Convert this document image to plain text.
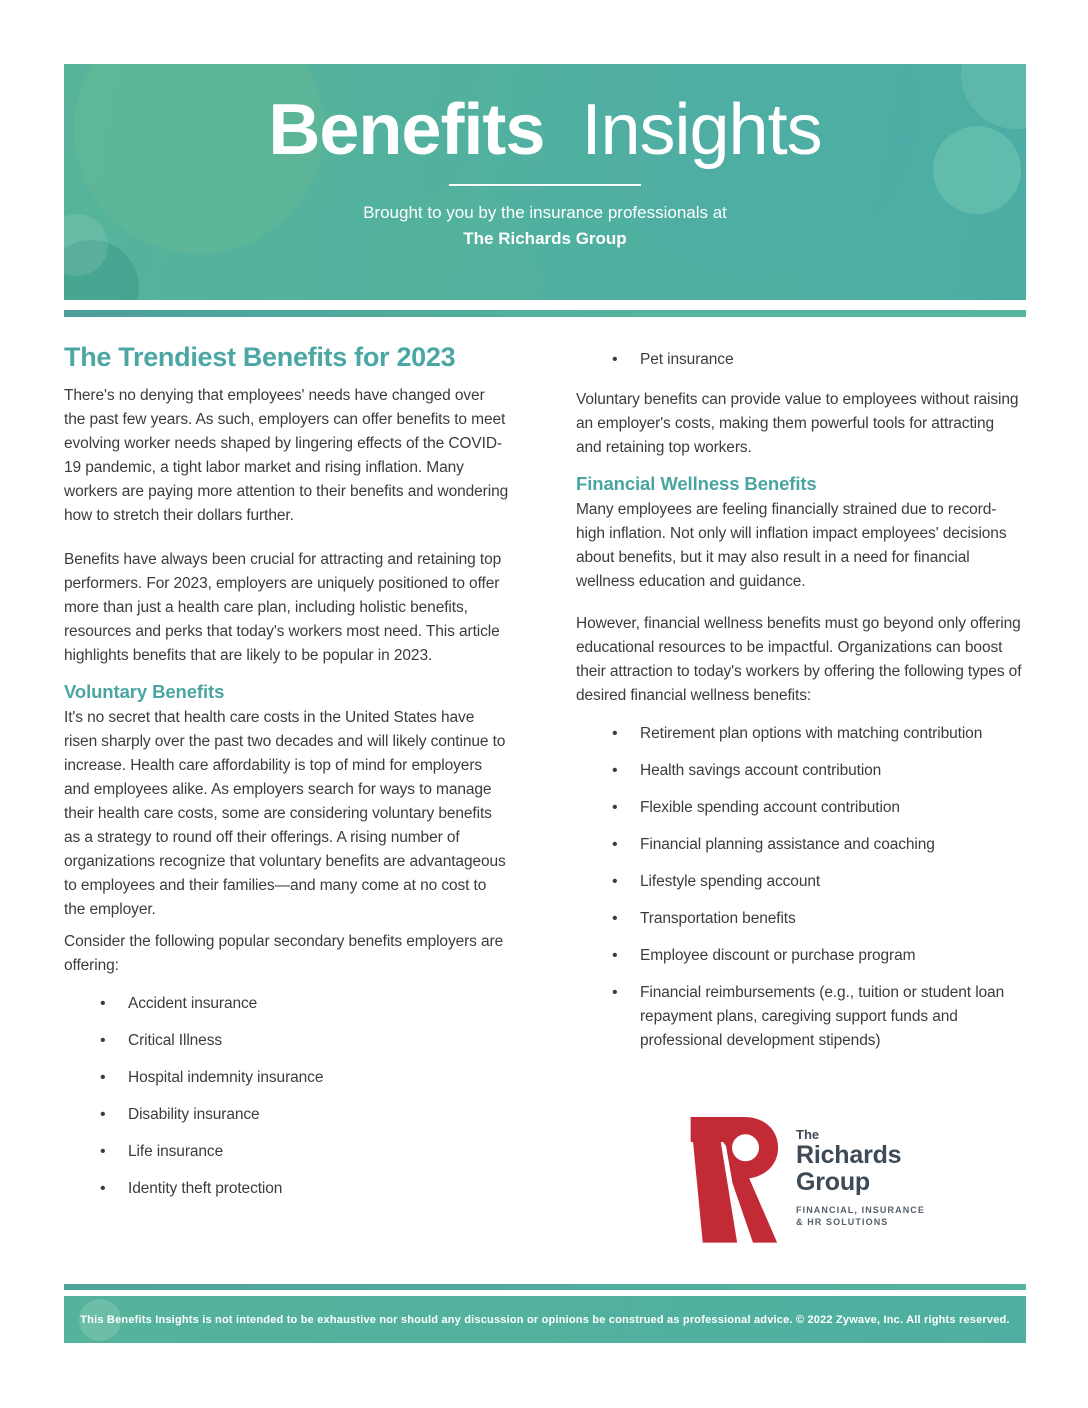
Benefits Insights
Brought to you by the insurance professionals at
The Richards Group
The Trendiest Benefits for 2023

There's no denying that employees' needs have changed over the past few years. As such, employers can offer benefits to meet evolving worker needs shaped by lingering effects of the COVID-19 pandemic, a tight labor market and rising inflation. Many workers are paying more attention to their benefits and wondering how to stretch their dollars further.

Benefits have always been crucial for attracting and retaining top performers. For 2023, employers are uniquely positioned to offer more than just a health care plan, including holistic benefits, resources and perks that today's workers most need. This article highlights benefits that are likely to be popular in 2023.

Voluntary Benefits

It's no secret that health care costs in the United States have risen sharply over the past two decades and will likely continue to increase. Health care affordability is top of mind for employers and employees alike. As employers search for ways to manage their health care costs, some are considering voluntary benefits as a strategy to round off their offerings. A rising number of organizations recognize that voluntary benefits are advantageous to employees and their families—and many come at no cost to the employer.

Consider the following popular secondary benefits employers are offering:

• Accident insurance
• Critical Illness
• Hospital indemnity insurance
• Disability insurance
• Life insurance
• Identity theft protection
• Pet insurance

Voluntary benefits can provide value to employees without raising an employer's costs, making them powerful tools for attracting and retaining top workers.

Financial Wellness Benefits

Many employees are feeling financially strained due to record-high inflation. Not only will inflation impact employees' decisions about benefits, but it may also result in a need for financial wellness education and guidance.

However, financial wellness benefits must go beyond only offering educational resources to be impactful. Organizations can boost their attraction to today's workers by offering the following types of desired financial wellness benefits:

• Retirement plan options with matching contribution
• Health savings account contribution
• Flexible spending account contribution
• Financial planning assistance and coaching
• Lifestyle spending account
• Transportation benefits
• Employee discount or purchase program
• Financial reimbursements (e.g., tuition or student loan repayment plans, caregiving support funds and professional development stipends)
The
Richards
Group
FINANCIAL, INSURANCE
& HR SOLUTIONS
This Benefits Insights is not intended to be exhaustive nor should any discussion or opinions be construed as professional advice. © 2022 Zywave, Inc. All rights reserved.
